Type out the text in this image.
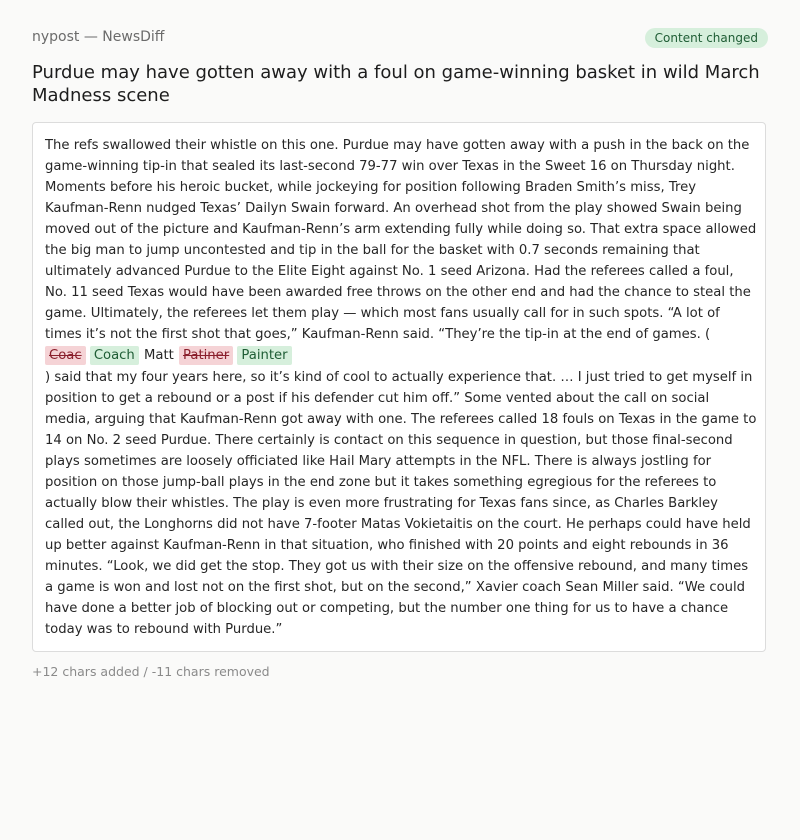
nypost — NewsDiff	Content changed
Purdue may have gotten away with a foul on game-winning basket in wild March Madness scene

The refs swallowed their whistle on this one. Purdue may have gotten away with a push in the back on the game-winning tip-in that sealed its last-second 79-77 win over Texas in the Sweet 16 on Thursday night. Moments before his heroic bucket, while jockeying for position following Braden Smith’s miss, Trey Kaufman-Renn nudged Texas’ Dailyn Swain forward. An overhead shot from the play showed Swain being moved out of the picture and Kaufman-Renn’s arm extending fully while doing so. That extra space allowed the big man to jump uncontested and tip in the ball for the basket with 0.7 seconds remaining that ultimately advanced Purdue to the Elite Eight against No. 1 seed Arizona. Had the referees called a foul, No. 11 seed Texas would have been awarded free throws on the other end and had the chance to steal the game. Ultimately, the referees let them play — which most fans usually call for in such spots. “A lot of times it’s not the first shot that goes,” Kaufman-Renn said. “They’re the tip-in at the end of games. (

Coac Coach Matt Patiner Painter

) said that my four years here, so it’s kind of cool to actually experience that. … I just tried to get myself in position to get a rebound or a post if his defender cut him off.” Some vented about the call on social media, arguing that Kaufman-Renn got away with one. The referees called 18 fouls on Texas in the game to 14 on No. 2 seed Purdue. There certainly is contact on this sequence in question, but those final-second plays sometimes are loosely officiated like Hail Mary attempts in the NFL. There is always jostling for position on those jump-ball plays in the end zone but it takes something egregious for the referees to actually blow their whistles. The play is even more frustrating for Texas fans since, as Charles Barkley called out, the Longhorns did not have 7-footer Matas Vokietaitis on the court. He perhaps could have held up better against Kaufman-Renn in that situation, who finished with 20 points and eight rebounds in 36 minutes. “Look, we did get the stop. They got us with their size on the offensive rebound, and many times a game is won and lost not on the first shot, but on the second,” Xavier coach Sean Miller said. “We could have done a better job of blocking out or competing, but the number one thing for us to have a chance today was to rebound with Purdue.”

+12 chars added / -11 chars removed
